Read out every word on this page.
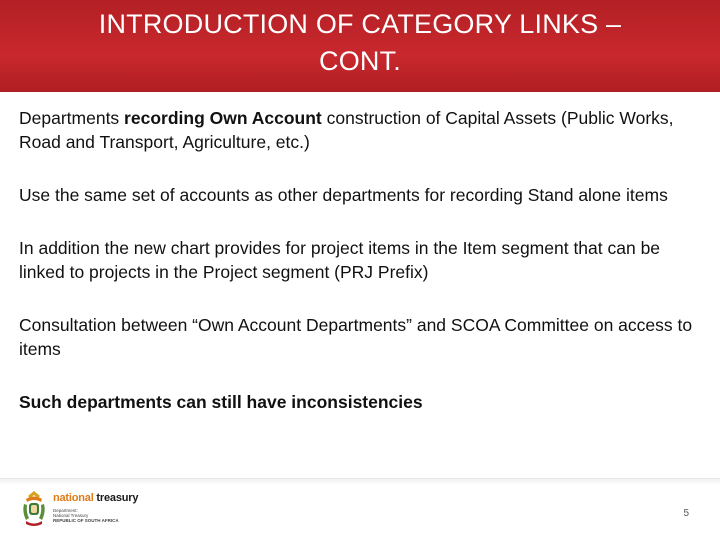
INTRODUCTION OF CATEGORY LINKS –
CONT.

Departments recording Own Account construction of Capital Assets (Public Works, Road and Transport, Agriculture, etc.)

Use the same set of accounts as other departments for recording Stand alone items

In addition the new chart provides for project items in the Item segment that can be linked to projects in the Project segment (PRJ Prefix)

Consultation between “Own Account Departments” and SCOA Committee on access to items

Such departments can still have inconsistencies

national treasury
Department:
National Treasury
REPUBLIC OF SOUTH AFRICA
5
